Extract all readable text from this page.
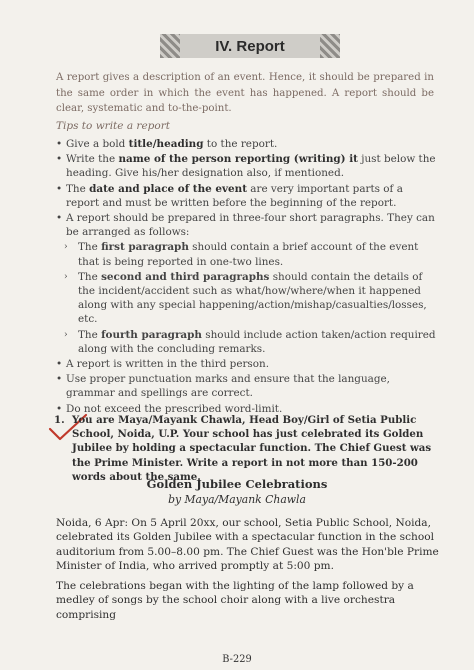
IV. Report
A report gives a description of an event. Hence, it should be prepared in the same order in which the event has happened. A report should be clear, systematic and to-the-point.
Tips to write a report
• Give a bold title/heading to the report.
• Write the name of the person reporting (writing) it just below the heading. Give his/her designation also, if mentioned.
• The date and place of the event are very important parts of a report and must be written before the beginning of the report.
• A report should be prepared in three-four short paragraphs. They can be arranged as follows:
› The first paragraph should contain a brief account of the event that is being reported in one-two lines.
› The second and third paragraphs should contain the details of the incident/accident such as what/how/where/when it happened along with any special happening/action/mishap/casualties/losses, etc.
› The fourth paragraph should include action taken/action required along with the concluding remarks.
• A report is written in the third person.
• Use proper punctuation marks and ensure that the language, grammar and spellings are correct.
• Do not exceed the prescribed word-limit.
1. You are Maya/Mayank Chawla, Head Boy/Girl of Setia Public School, Noida, U.P. Your school has just celebrated its Golden Jubilee by holding a spectacular function. The Chief Guest was the Prime Minister. Write a report in not more than 150-200 words about the same.
Golden Jubilee Celebrations
by Maya/Mayank Chawla

Noida, 6 Apr: On 5 April 20xx, our school, Setia Public School, Noida, celebrated its Golden Jubilee with a spectacular function in the school auditorium from 5.00–8.00 pm. The Chief Guest was the Hon'ble Prime Minister of India, who arrived promptly at 5:00 pm.

The celebrations began with the lighting of the lamp followed by a medley of songs by the school choir along with a live orchestra comprising

B-229
